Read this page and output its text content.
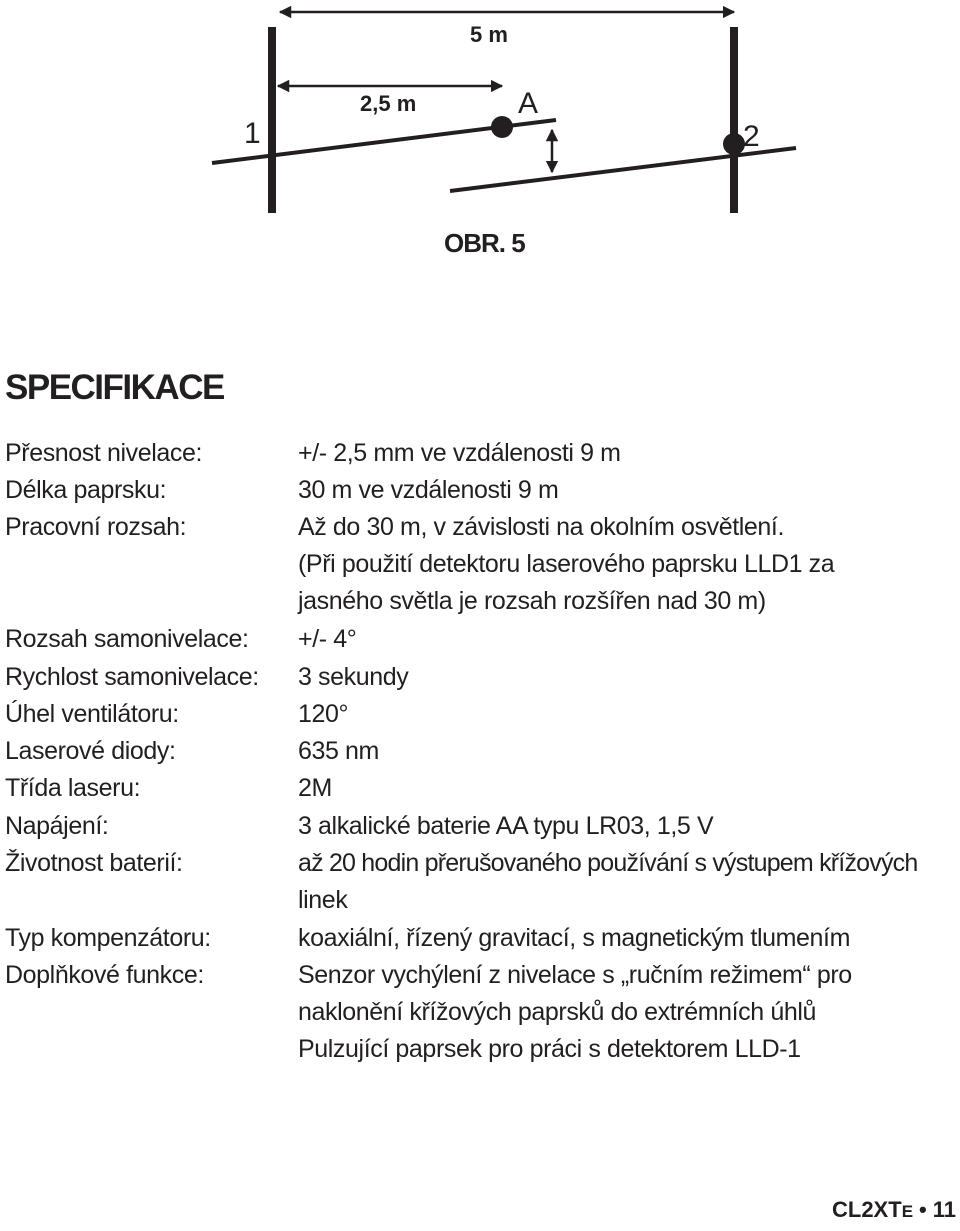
5 m
2,5 m	A
1	2
OBR. 5
SPECIFIKACE
Přesnost nivelace:	+/- 2,5 mm ve vzdálenosti 9 m
Délka paprsku:	30 m ve vzdálenosti 9 m
Pracovní rozsah:	Až do 30 m, v závislosti na okolním osvětlení.
(Při použití detektoru laserového paprsku LLD1 za
jasného světla je rozsah rozšířen nad 30 m)
Rozsah samonivelace: +/- 4°
Rychlost samonivelace: 3 sekundy
Úhel ventilátoru:	120°
Laserové diody:	635 nm
Třída laseru:	2M
Napájení:	3 alkalické baterie AA typu LR03, 1,5 V
Životnost baterií:	až 20 hodin přerušovaného používání s výstupem křížových
linek
Typ kompenzátoru:	koaxiální, řízený gravitací, s magnetickým tlumením
Doplňkové funkce:	Senzor vychýlení z nivelace s „ručním režimem“ pro
naklonění křížových paprsků do extrémních úhlů
Pulzující paprsek pro práci s detektorem LLD-1
CL2XTE • 11
